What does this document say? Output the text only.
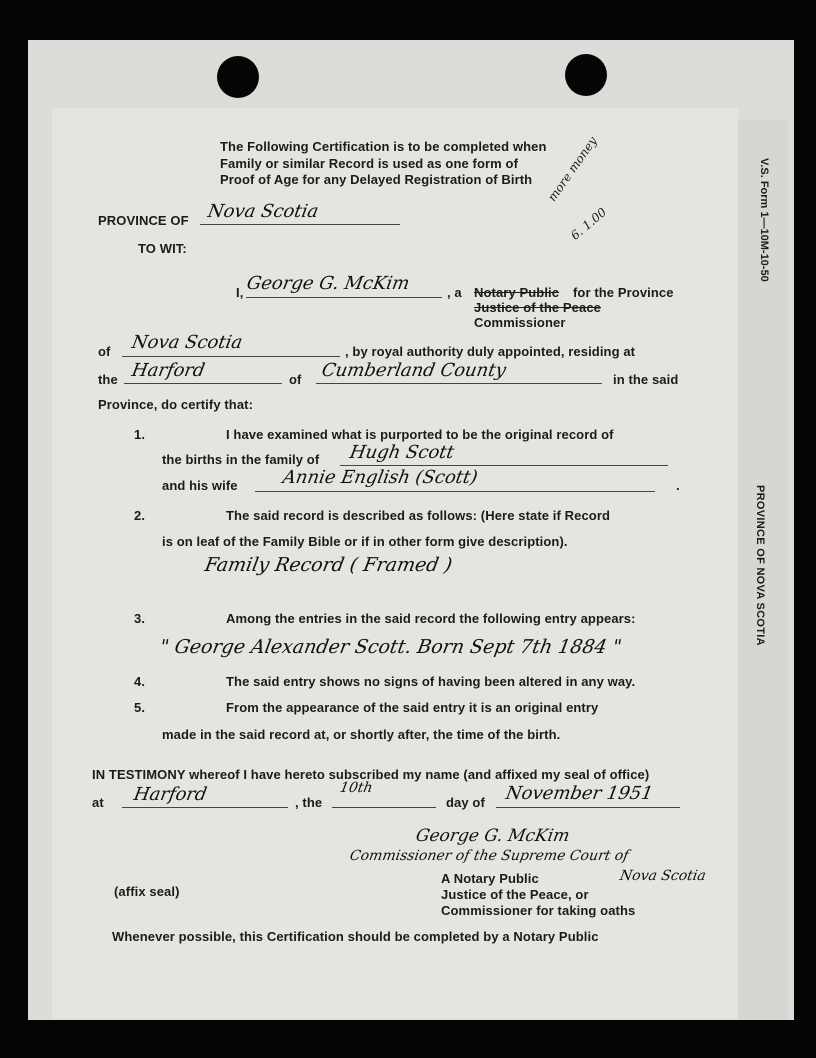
V.S. Form 1—10M-10-50
PROVINCE OF NOVA SCOTIA
The Following Certification is to be completed when
Family or similar Record is used as one form of
Proof of Age for any Delayed Registration of Birth more money
6. 1.00
PROVINCE OF Nova Scotia
TO WIT:
I, George G. McKim	, a Notary Public for the Province
Justice of the Peace
Commissioner
of Nova Scotia	, by royal authority duly appointed, residing at
the Harford	of Cumberland County	in the said
Province, do certify that:
1.	I have examined what is purported to be the original record of
the births in the family of Hugh Scott
and his wife Annie English (Scott)	.
2.	The said record is described as follows: (Here state if Record
is on leaf of the Family Bible or if in other form give description).
Family Record ( Framed )
3.	Among the entries in the said record the following entry appears:
" George Alexander Scott. Born Sept 7th 1884 "
4.	The said entry shows no signs of having been altered in any way.
5.	From the appearance of the said entry it is an original entry
made in the said record at, or shortly after, the time of the birth.
IN TESTIMONY whereof I have hereto subscribed my name (and affixed my seal of office)
at Harford	, the
10th
day of November 1951
George G. McKim
Commissioner of the Supreme Court of
Nova Scotia
A Notary Public
Justice of the Peace, or
Commissioner for taking oaths
(affix seal)
Whenever possible, this Certification should be completed by a Notary Public
